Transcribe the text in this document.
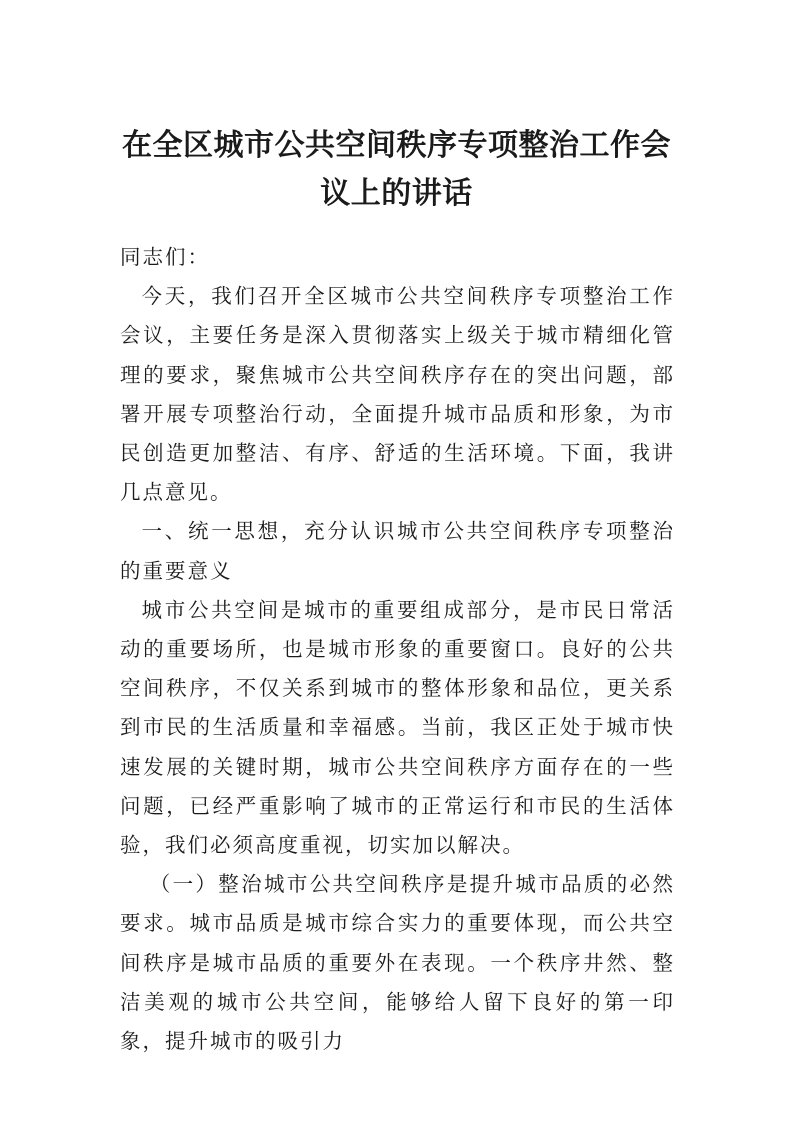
在全区城市公共空间秩序专项整治工作会
议上的讲话

同志们：

今天，我们召开全区城市公共空间秩序专项整治工作会议，主要任务是深入贯彻落实上级关于城市精细化管理的要求，聚焦城市公共空间秩序存在的突出问题，部署开展专项整治行动，全面提升城市品质和形象，为市民创造更加整洁、有序、舒适的生活环境。下面，我讲几点意见。

一、统一思想，充分认识城市公共空间秩序专项整治的重要意义

城市公共空间是城市的重要组成部分，是市民日常活动的重要场所，也是城市形象的重要窗口。良好的公共空间秩序，不仅关系到城市的整体形象和品位，更关系到市民的生活质量和幸福感。当前，我区正处于城市快速发展的关键时期，城市公共空间秩序方面存在的一些问题，已经严重影响了城市的正常运行和市民的生活体验，我们必须高度重视，切实加以解决。

（一）整治城市公共空间秩序是提升城市品质的必然要求。城市品质是城市综合实力的重要体现，而公共空间秩序是城市品质的重要外在表现。一个秩序井然、整洁美观的城市公共空间，能够给人留下良好的第一印象，提升城市的吸引力
